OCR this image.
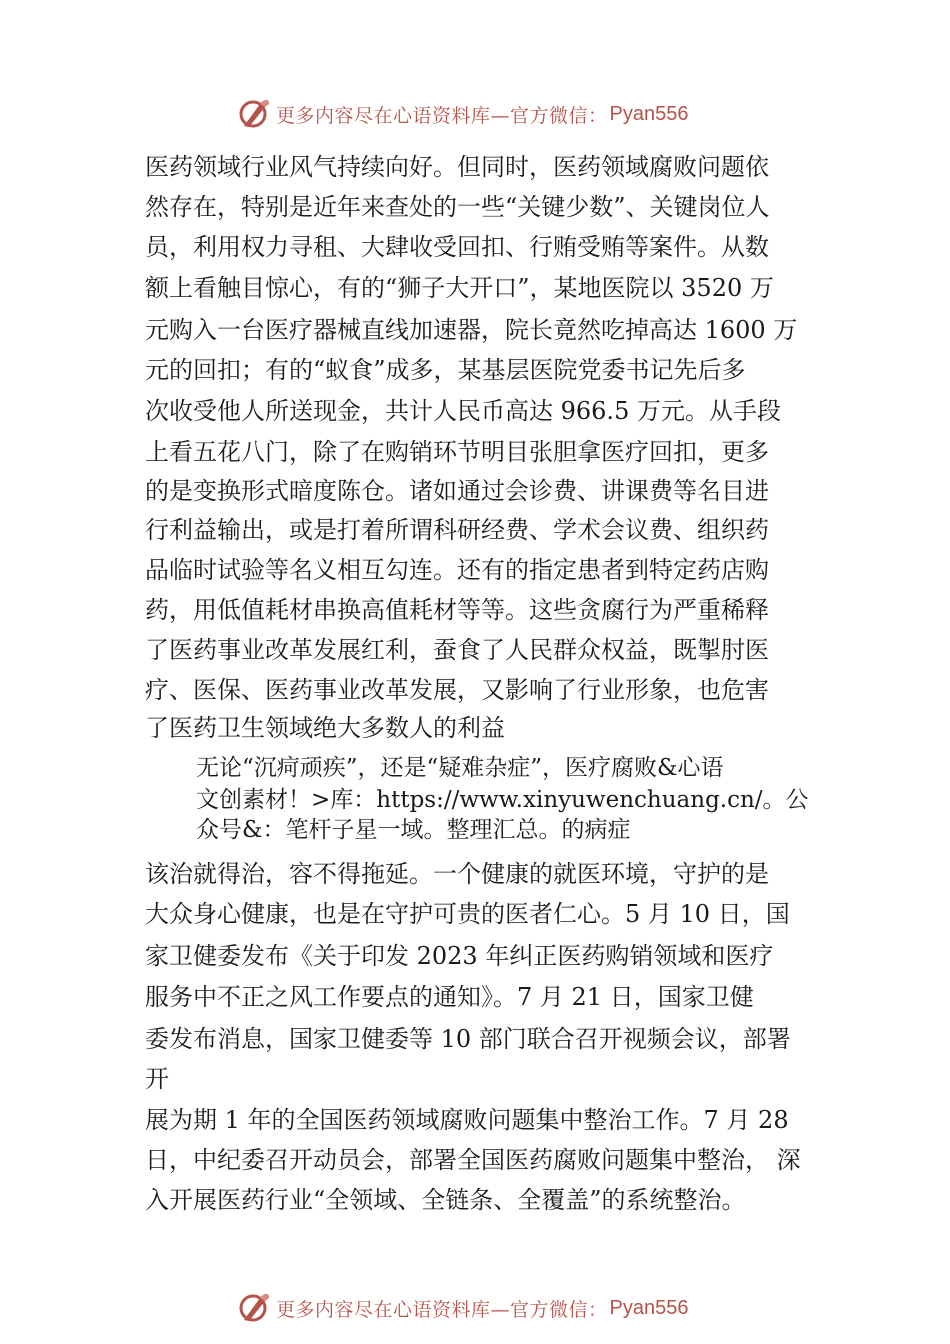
更多内容尽在心语资料库—官方微信： Pyan556
医药领域行业风气持续向好。但同时，医药领域腐败问题依
然存在，特别是近年来查处的一些“关键少数”、关键岗位人
员，利用权力寻租、大肆收受回扣、行贿受贿等案件。从数
额上看触目惊心，有的“狮子大开口”，某地医院以 3520 万
元购入一台医疗器械直线加速器，院长竟然吃掉高达 1600 万
元的回扣；有的“蚁食”成多，某基层医院党委书记先后多
次收受他人所送现金，共计人民币高达 966.5 万元。从手段
上看五花八门，除了在购销环节明目张胆拿医疗回扣，更多
的是变换形式暗度陈仓。诸如通过会诊费、讲课费等名目进
行利益输出，或是打着所谓科研经费、学术会议费、组织药
品临时试验等名义相互勾连。还有的指定患者到特定药店购
药，用低值耗材串换高值耗材等等。这些贪腐行为严重稀释
了医药事业改革发展红利，蚕食了人民群众权益，既掣肘医
疗、医保、医药事业改革发展，又影响了行业形象，也危害
了医药卫生领域绝大多数人的利益
无论“沉疴顽疾”，还是“疑难杂症”，医疗腐败&心语
文创素材！>库：https://www.xinyuwenchuang.cn/。公
众号&：笔杆子星一域。整理汇总。的病症
该治就得治，容不得拖延。一个健康的就医环境，守护的是
大众身心健康，也是在守护可贵的医者仁心。5 月 10 日，国
家卫健委发布《关于印发 2023 年纠正医药购销领域和医疗
服务中不正之风工作要点的通知》。7 月 21 日，国家卫健
委发布消息，国家卫健委等 10 部门联合召开视频会议，部署
开
展为期 1 年的全国医药领域腐败问题集中整治工作。7 月 28
日，中纪委召开动员会，部署全国医药腐败问题集中整治， 深
入开展医药行业“全领域、全链条、全覆盖”的系统整治。
更多内容尽在心语资料库—官方微信： Pyan556
